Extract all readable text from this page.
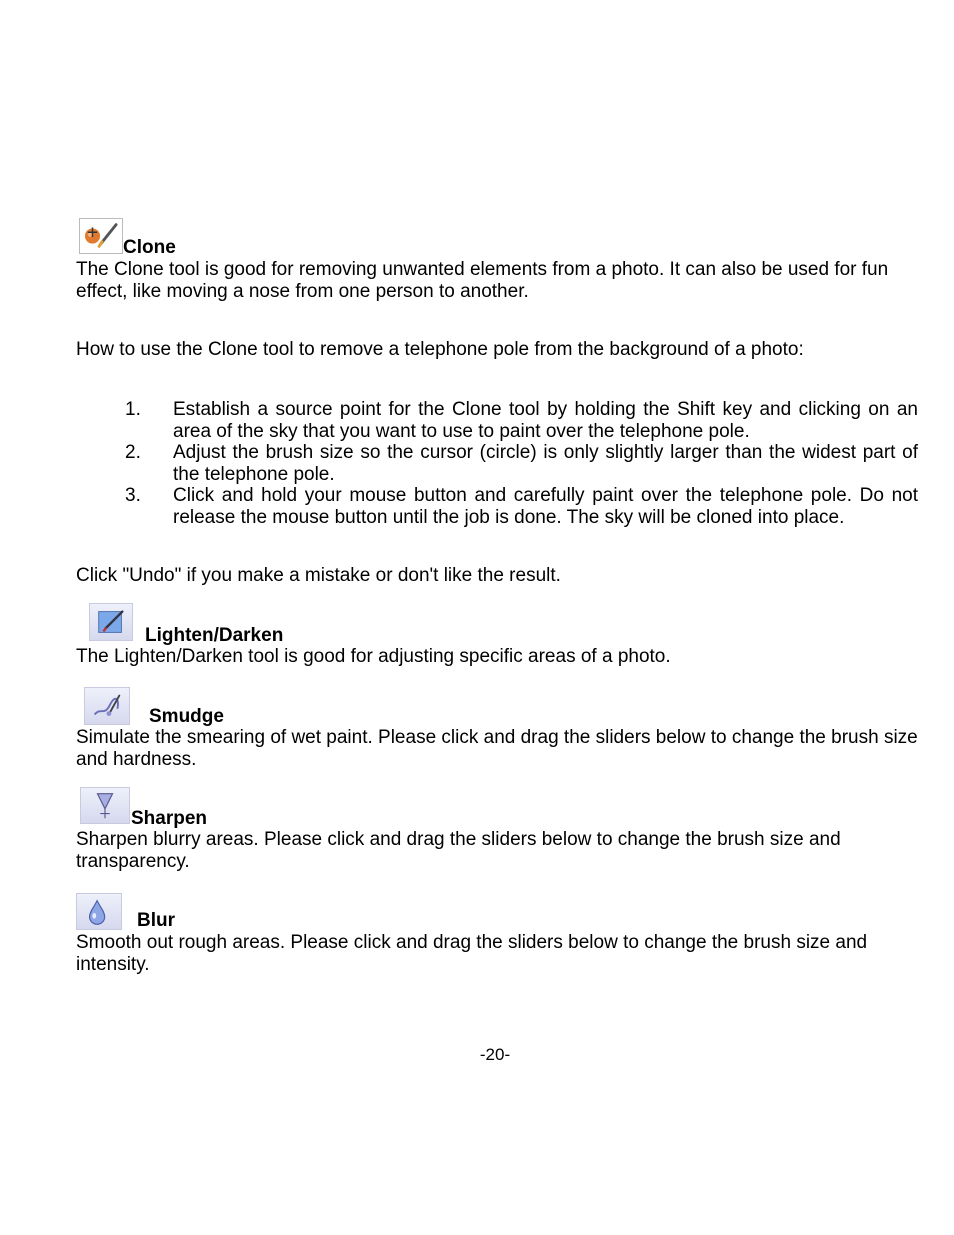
Clone
The Clone tool is good for removing unwanted elements from a photo. It can also be used for fun effect, like moving a nose from one person to another.
How to use the Clone tool to remove a telephone pole from the background of a photo:
1. Establish a source point for the Clone tool by holding the Shift key and clicking on an area of the sky that you want to use to paint over the telephone pole.
2. Adjust the brush size so the cursor (circle) is only slightly larger than the widest part of the telephone pole.
3. Click and hold your mouse button and carefully paint over the telephone pole. Do not release the mouse button until the job is done. The sky will be cloned into place.
Click "Undo" if you make a mistake or don't like the result.
Lighten/Darken
The Lighten/Darken tool is good for adjusting specific areas of a photo.
Smudge
Simulate the smearing of wet paint. Please click and drag the sliders below to change the brush size and hardness.
Sharpen
Sharpen blurry areas. Please click and drag the sliders below to change the brush size and transparency.
Blur
Smooth out rough areas. Please click and drag the sliders below to change the brush size and intensity.
-20-
